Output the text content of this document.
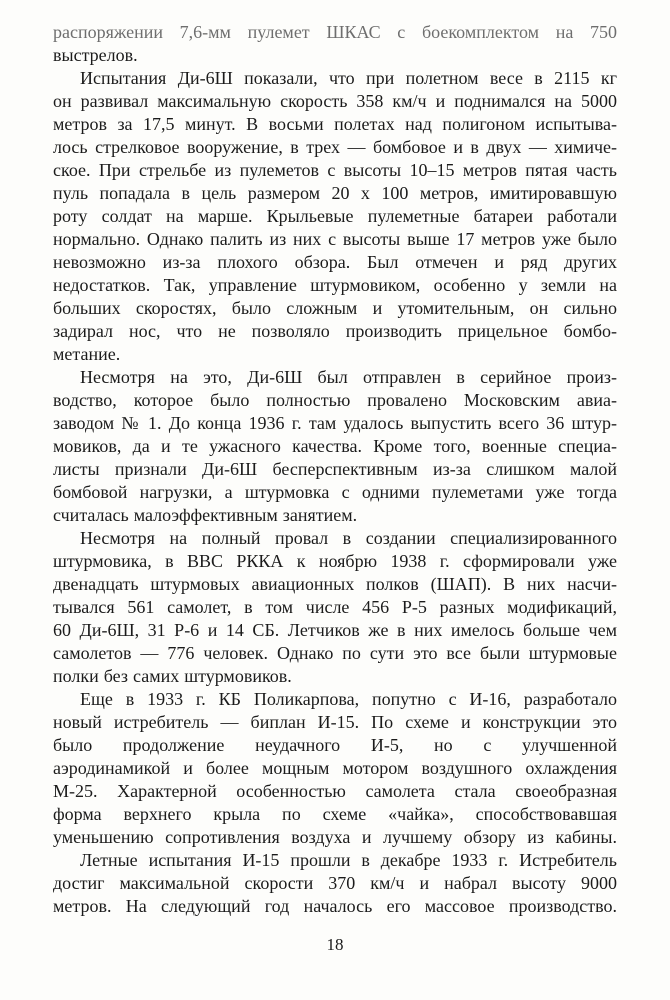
распоряжении 7,6-мм пулемет ШКАС с боекомплектом на 750
выстрелов.
Испытания Ди-6Ш показали, что при полетном весе в 2115 кг
он развивал максимальную скорость 358 км/ч и поднимался на 5000
метров за 17,5 минут. В восьми полетах над полигоном испытыва-
лось стрелковое вооружение, в трех — бомбовое и в двух — химиче-
ское. При стрельбе из пулеметов с высоты 10–15 метров пятая часть
пуль попадала в цель размером 20 х 100 метров, имитировавшую
роту солдат на марше. Крыльевые пулеметные батареи работали
нормально. Однако палить из них с высоты выше 17 метров уже было
невозможно из-за плохого обзора. Был отмечен и ряд других
недостатков. Так, управление штурмовиком, особенно у земли на
больших скоростях, было сложным и утомительным, он сильно
задирал нос, что не позволяло производить прицельное бомбо-
метание.
Несмотря на это, Ди-6Ш был отправлен в серийное произ-
водство, которое было полностью провалено Московским авиа-
заводом № 1. До конца 1936 г. там удалось выпустить всего 36 штур-
мовиков, да и те ужасного качества. Кроме того, военные специа-
листы признали Ди-6Ш бесперспективным из-за слишком малой
бомбовой нагрузки, а штурмовка с одними пулеметами уже тогда
считалась малоэффективным занятием.
Несмотря на полный провал в создании специализированного
штурмовика, в ВВС РККА к ноябрю 1938 г. сформировали уже
двенадцать штурмовых авиационных полков (ШАП). В них насчи-
тывался 561 самолет, в том числе 456 Р-5 разных модификаций,
60 Ди-6Ш, 31 Р-6 и 14 СБ. Летчиков же в них имелось больше чем
самолетов — 776 человек. Однако по сути это все были штурмовые
полки без самих штурмовиков.
Еще в 1933 г. КБ Поликарпова, попутно с И-16, разработало
новый истребитель — биплан И-15. По схеме и конструкции это
было продолжение неудачного И-5, но с улучшенной
аэродинамикой и более мощным мотором воздушного охлаждения
М-25. Характерной особенностью самолета стала своеобразная
форма верхнего крыла по схеме «чайка», способствовавшая
уменьшению сопротивления воздуха и лучшему обзору из кабины.
Летные испытания И-15 прошли в декабре 1933 г. Истребитель
достиг максимальной скорости 370 км/ч и набрал высоту 9000
метров. На следующий год началось его массовое производство.
18
